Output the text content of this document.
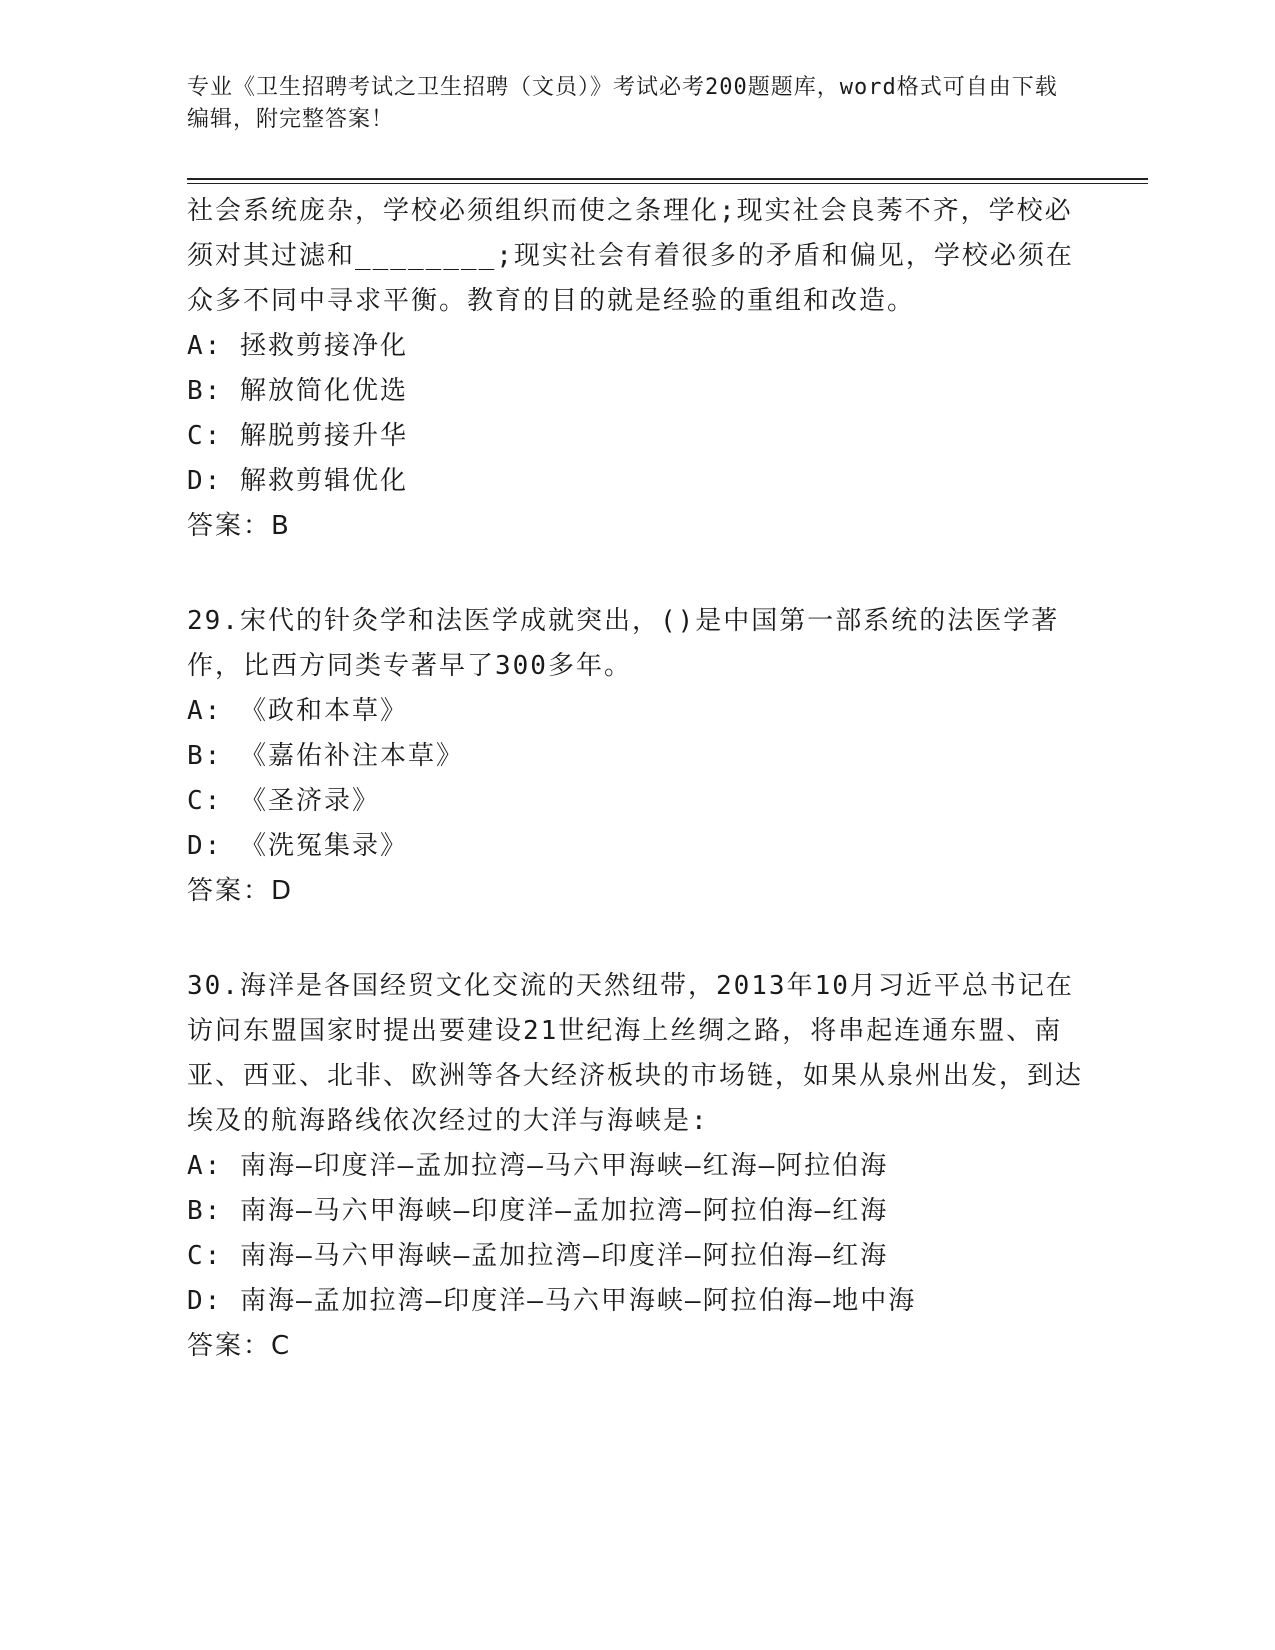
专业《卫生招聘考试之卫生招聘（文员）》考试必考200题题库，word格式可自由下载编辑，附完整答案！

社会系统庞杂，学校必须组织而使之条理化;现实社会良莠不齐，学校必须对其过滤和________;现实社会有着很多的矛盾和偏见，学校必须在众多不同中寻求平衡。教育的目的就是经验的重组和改造。

A: 拯救剪接净化

B: 解放简化优选

C: 解脱剪接升华

D: 解救剪辑优化

答案：B

29.宋代的针灸学和法医学成就突出，()是中国第一部系统的法医学著作，比西方同类专著早了300多年。

A: 《政和本草》

B: 《嘉佑补注本草》

C: 《圣济录》

D: 《洗冤集录》

答案：D

30.海洋是各国经贸文化交流的天然纽带，2013年10月习近平总书记在访问东盟国家时提出要建设21世纪海上丝绸之路，将串起连通东盟、南亚、西亚、北非、欧洲等各大经济板块的市场链，如果从泉州出发，到达埃及的航海路线依次经过的大洋与海峡是:

A: 南海—印度洋—孟加拉湾—马六甲海峡—红海—阿拉伯海

B: 南海—马六甲海峡—印度洋—孟加拉湾—阿拉伯海—红海

C: 南海—马六甲海峡—孟加拉湾—印度洋—阿拉伯海—红海

D: 南海—孟加拉湾—印度洋—马六甲海峡—阿拉伯海—地中海

答案：C
